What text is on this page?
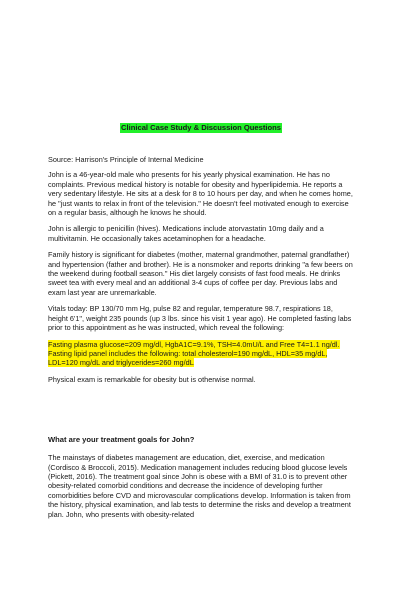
Clinical Case Study & Discussion Questions

Source: Harrison's Principle of Internal Medicine

John is a 46-year-old male who presents for his yearly physical examination. He has no complaints. Previous medical history is notable for obesity and hyperlipidemia. He reports a very sedentary lifestyle. He sits at a desk for 8 to 10 hours per day, and when he comes home, he "just wants to relax in front of the television." He doesn't feel motivated enough to exercise on a regular basis, although he knows he should.

John is allergic to penicillin (hives). Medications include atorvastatin 10mg daily and a multivitamin. He occasionally takes acetaminophen for a headache.

Family history is significant for diabetes (mother, maternal grandmother, paternal grandfather) and hypertension (father and brother). He is a nonsmoker and reports drinking "a few beers on the weekend during football season." His diet largely consists of fast food meals. He drinks sweet tea with every meal and an additional 3-4 cups of coffee per day. Previous labs and exam last year are unremarkable.

Vitals today: BP 130/70 mm Hg, pulse 82 and regular, temperature 98.7, respirations 18, height 6'1", weight 235 pounds (up 3 lbs. since his visit 1 year ago). He completed fasting labs prior to this appointment as he was instructed, which reveal the following:

Fasting plasma glucose=209 mg/dl, HgbA1C=9.1%, TSH=4.0mU/L and Free T4=1.1 ng/dl. Fasting lipid panel includes the following: total cholesterol=190 mg/dL, HDL=35 mg/dL, LDL=120 mg/dL and triglycerides=260 mg/dL

Physical exam is remarkable for obesity but is otherwise normal.

What are your treatment goals for John?

The mainstays of diabetes management are education, diet, exercise, and medication (Cordisco & Broccoli, 2015). Medication management includes reducing blood glucose levels (Pickett, 2016). The treatment goal since John is obese with a BMI of 31.0 is to prevent other obesity-related comorbid conditions and decrease the incidence of developing further comorbidities before CVD and microvascular complications develop. Information is taken from the history, physical examination, and lab tests to determine the risks and develop a treatment plan. John, who presents with obesity-related
